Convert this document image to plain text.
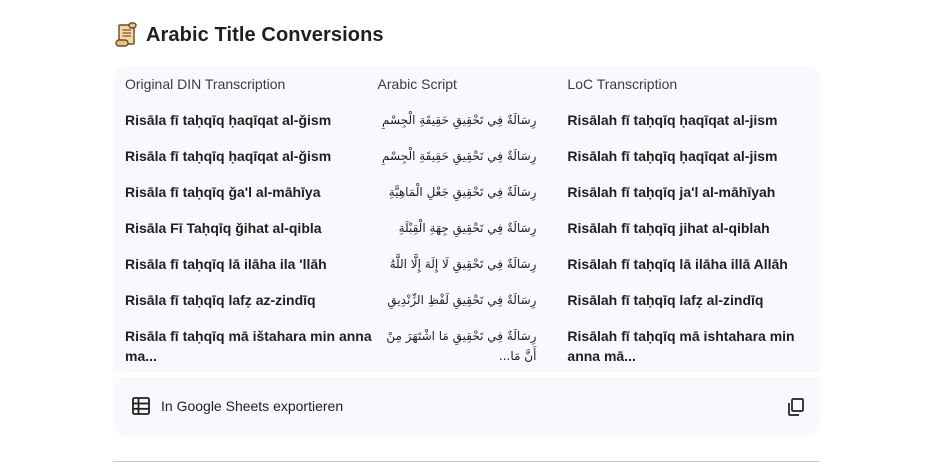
Arabic Title Conversions
Original DIN Transcription	Arabic Script	LoC Transcription
Risāla fī taḥqīq ḥaqīqat al-ǧism	رِسَالَةٌ فِي تَحْقِيقِ حَقِيقَةِ الْجِسْمِ	Risālah fī taḥqīq ḥaqīqat al-jism
Risāla fī taḥqīq ḥaqīqat al-ǧism	رِسَالَةٌ فِي تَحْقِيقِ حَقِيقَةِ الْجِسْمِ	Risālah fī taḥqīq ḥaqīqat al-jism
Risāla fī taḥqīq ǧa'l al-māhīya	رِسَالَةٌ فِي تَحْقِيقِ جَعْلِ الْمَاهِيَّةِ	Risālah fī taḥqīq ja'l al-māhīyah
Risāla Fī Taḥqīq ǧihat al-qibla	رِسَالَةٌ فِي تَحْقِيقِ جِهَةِ الْقِبْلَةِ	Risālah fī taḥqīq jihat al-qiblah
Risāla fī taḥqīq lā ilāha ila 'llāh	رِسَالَةٌ فِي تَحْقِيقِ لَا إِلَهَ إِلَّا اللَّهُ	Risālah fī taḥqīq lā ilāha illā Allāh
Risāla fī taḥqīq lafẓ az-zindīq	رِسَالَةٌ فِي تَحْقِيقِ لَفْظِ الزِّنْدِيقِ	Risālah fī taḥqīq lafẓ al-zindīq
Risāla fī taḥqīq mā ištahara min anna ma...	رِسَالَةٌ فِي تَحْقِيقِ مَا اشْتَهَرَ مِنْ أَنَّ مَا...	Risālah fī taḥqīq mā ishtahara min anna mā...
In Google Sheets exportieren
